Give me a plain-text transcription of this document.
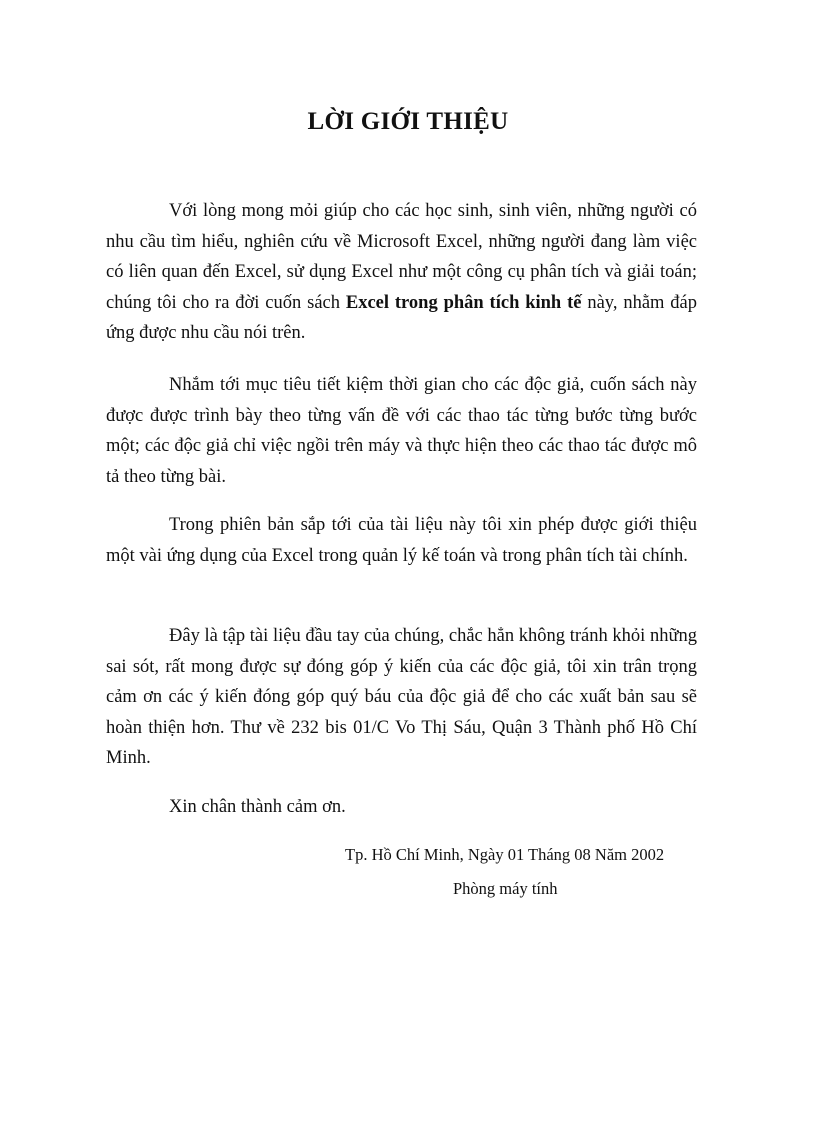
LỜI GIỚI THIỆU

Với lòng mong mỏi giúp cho các học sinh, sinh viên, những người có nhu cầu tìm hiểu, nghiên cứu về Microsoft Excel, những người đang làm việc có liên quan đến Excel, sử dụng Excel như một công cụ phân tích và giải toán; chúng tôi cho ra đời cuốn sách Excel trong phân tích kinh tế này, nhằm đáp ứng được nhu cầu nói trên.

Nhắm tới mục tiêu tiết kiệm thời gian cho các độc giả, cuốn sách này được được trình bày theo từng vấn đề với các thao tác từng bước từng bước một; các độc giả chỉ việc ngồi trên máy và thực hiện theo các thao tác được mô tả theo từng bài.

Trong phiên bản sắp tới của tài liệu này tôi xin phép được giới thiệu một vài ứng dụng của Excel trong quản lý kế toán và trong phân tích tài chính.

Đây là tập tài liệu đầu tay của chúng, chắc hẳn không tránh khỏi những sai sót, rất mong được sự đóng góp ý kiến của các độc giả, tôi xin trân trọng cảm ơn các ý kiến đóng góp quý báu của độc giả để cho các xuất bản sau sẽ hoàn thiện hơn. Thư về 232 bis 01/C Vo Thị Sáu, Quận 3 Thành phố Hồ Chí Minh.

Xin chân thành cảm ơn.

Tp. Hồ Chí Minh, Ngày 01 Tháng 08 Năm 2002
Phòng máy tính
